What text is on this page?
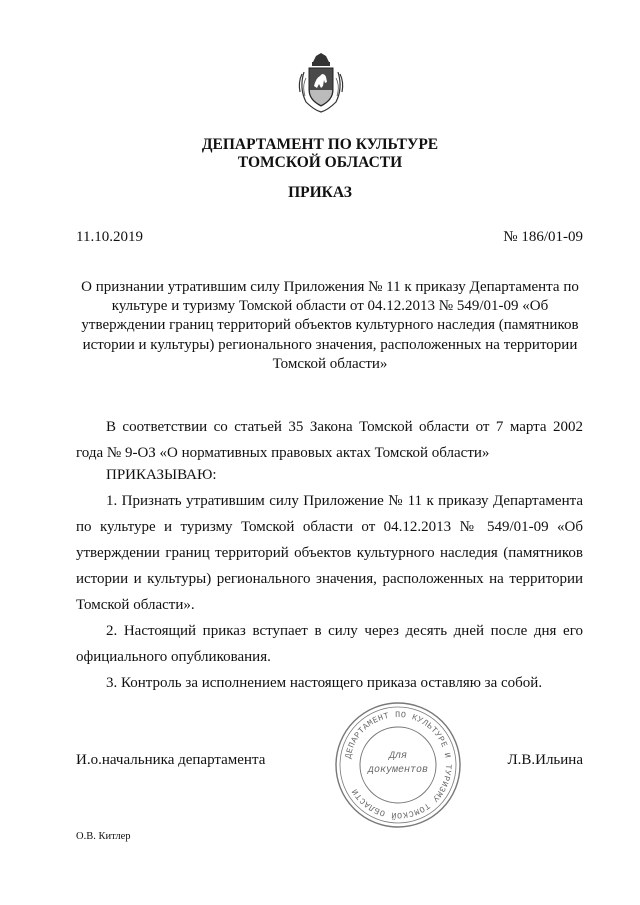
ДЕПАРТАМЕНТ ПО КУЛЬТУРЕ
ТОМСКОЙ ОБЛАСТИ
ПРИКАЗ
11.10.2019	№ 186/01-09
О признании утратившим силу Приложения № 11 к приказу Департамента по культуре и туризму Томской области от 04.12.2013 № 549/01-09 «Об утверждении границ территорий объектов культурного наследия (памятников истории и культуры) регионального значения, расположенных на территории Томской области»
В соответствии со статьей 35 Закона Томской области от 7 марта 2002 года № 9-ОЗ «О нормативных правовых актах Томской области»
ПРИКАЗЫВАЮ:
1. Признать утратившим силу Приложение № 11 к приказу Департамента по культуре и туризму Томской области от 04.12.2013 № 549/01-09 «Об утверждении границ территорий объектов культурного наследия (памятников истории и культуры) регионального значения, расположенных на территории Томской области».
2. Настоящий приказ вступает в силу через десять дней после дня его официального опубликования.
3. Контроль за исполнением настоящего приказа оставляю за собой.
И.о.начальника департамента	Л.В.Ильина
ДЕПАРТАМЕНТ ПО КУЛЬТУРЕ И ТУРИЗМУ ТОМСКОЙ ОБЛАСТИ
Для
документов
О.В. Китлер
